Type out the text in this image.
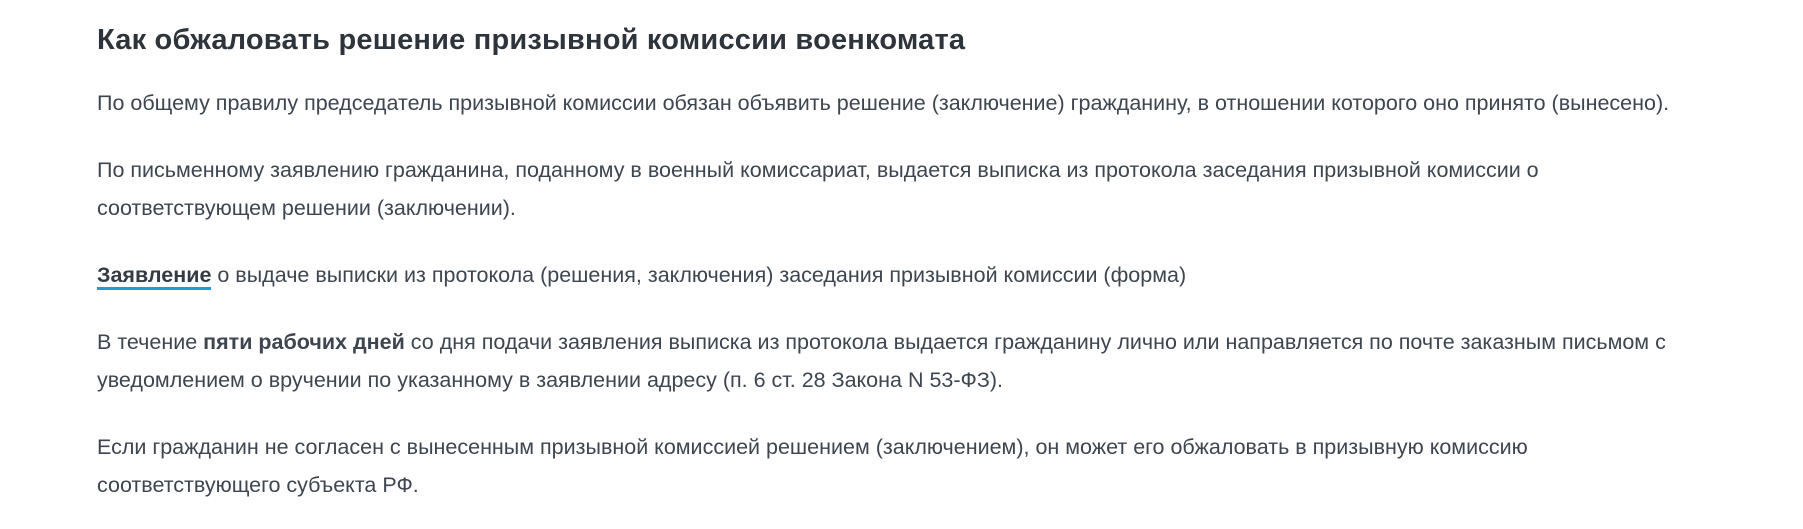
Как обжаловать решение призывной комиссии военкомата

По общему правилу председатель призывной комиссии обязан объявить решение (заключение) гражданину, в отношении которого оно принято (вынесено).

По письменному заявлению гражданина, поданному в военный комиссариат, выдается выписка из протокола заседания призывной комиссии о соответствующем решении (заключении).

Заявление о выдаче выписки из протокола (решения, заключения) заседания призывной комиссии (форма)

В течение пяти рабочих дней со дня подачи заявления выписка из протокола выдается гражданину лично или направляется по почте заказным письмом с уведомлением о вручении по указанному в заявлении адресу (п. 6 ст. 28 Закона N 53-ФЗ).

Если гражданин не согласен с вынесенным призывной комиссией решением (заключением), он может его обжаловать в призывную комиссию соответствующего субъекта РФ.
